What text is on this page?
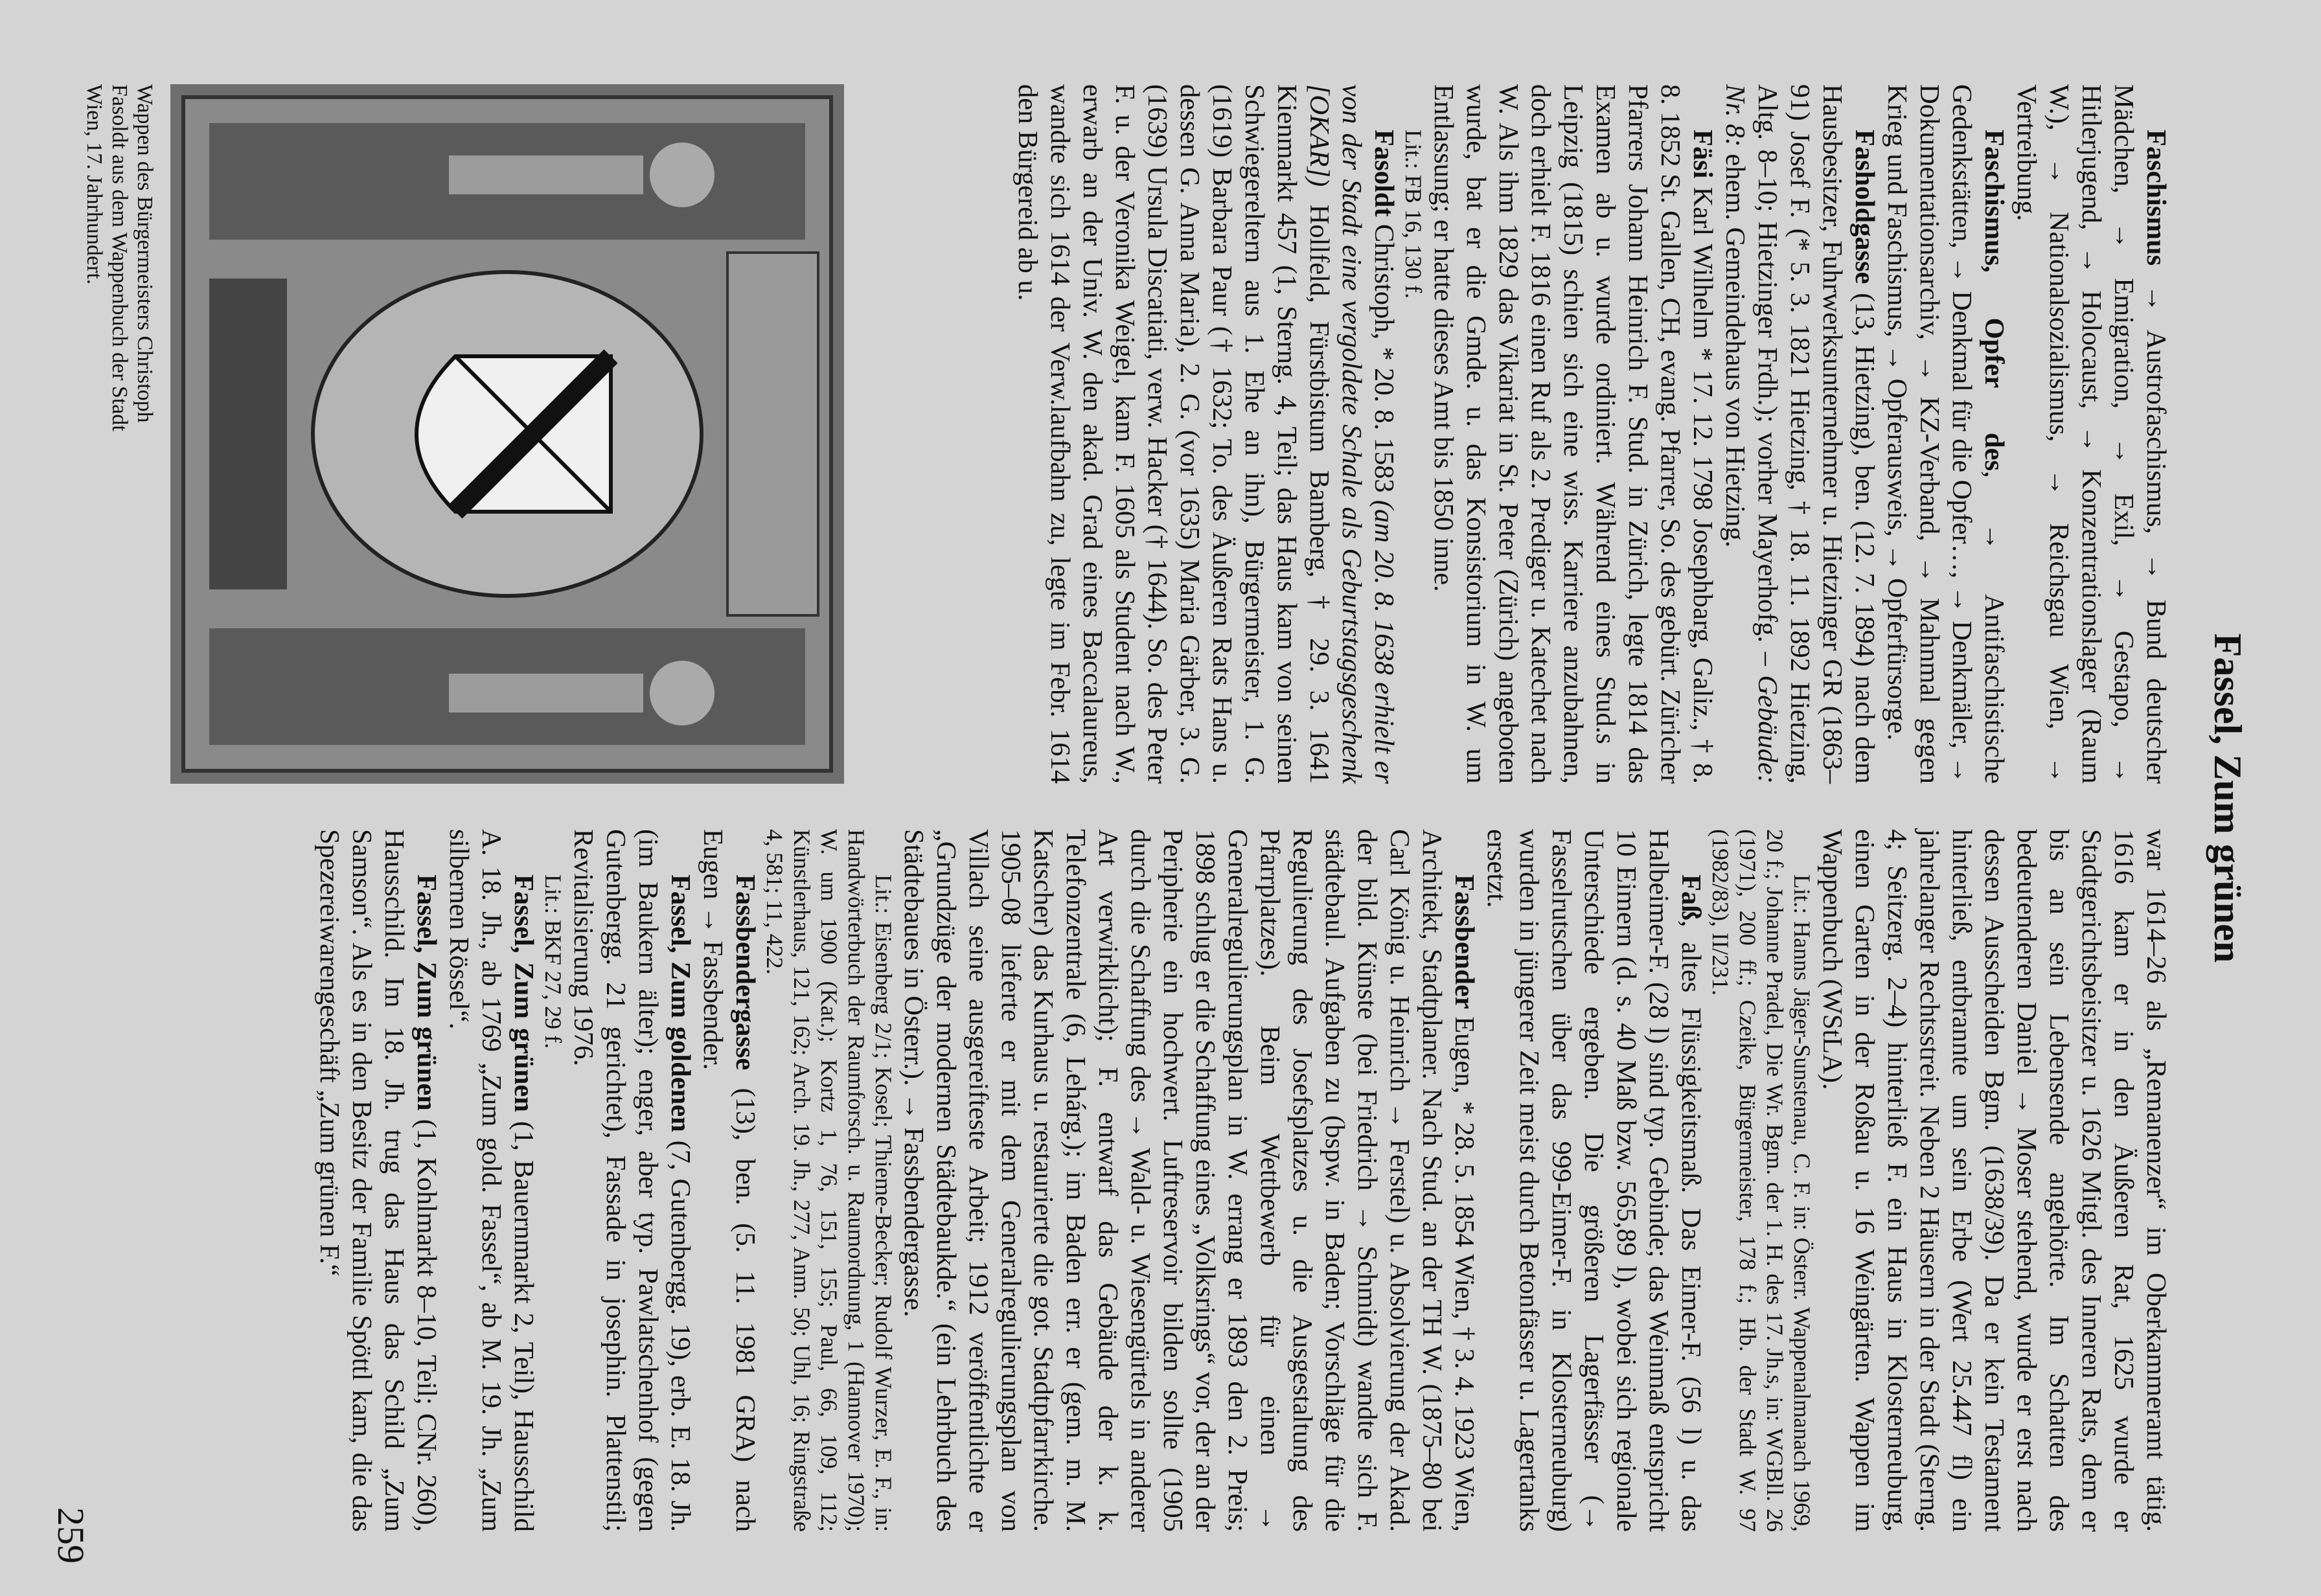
Fassel, Zum grünen

Faschismus → Austrofaschismus, → Bund deutscher Mädchen, → Emigration, → Exil, → Gestapo, → Hitlerjugend, → Holocaust, → Konzentrationslager (Raum W.), → Nationalsozialismus, → Reichsgau Wien, → Vertreibung.

Faschismus, Opfer des, → Antifaschistische Gedenkstätten, → Denkmal für die Opfer…, → Denkmäler, → Dokumentationsarchiv, → KZ-Verband, → Mahnmal gegen Krieg und Faschismus, → Opferausweis, → Opferfürsorge.

Fasholdgasse (13, Hietzing), ben. (12. 7. 1894) nach dem Hausbesitzer, Fuhrwerksunternehmer u. Hietzinger GR (1863–91) Josef F. (* 5. 3. 1821 Hietzing, † 18. 11. 1892 Hietzing, Altg. 8–10; Hietzinger Frdh.); vorher Mayerhofg. – Gebäude: Nr. 8: ehem. Gemeindehaus von Hietzing.

Fäsi Karl Wilhelm * 17. 12. 1798 Josephbarg, Galiz., † 8. 8. 1852 St. Gallen, CH, evang. Pfarrer, So. des gebürt. Züricher Pfarrers Johann Heinrich F. Stud. in Zürich, legte 1814 das Examen ab u. wurde ordiniert. Während eines Stud.s in Leipzig (1815) schien sich eine wiss. Karriere anzubahnen, doch erhielt F. 1816 einen Ruf als 2. Prediger u. Katechet nach W. Als ihm 1829 das Vikariat in St. Peter (Zürich) angeboten wurde, bat er die Gmde. u. das Konsistorium in W. um Entlassung; er hatte dieses Amt bis 1850 inne.

Lit.: FB 16, 130 f.

Fasoldt Christoph, * 20. 8. 1583 (am 20. 8. 1638 erhielt er von der Stadt eine vergoldete Schale als Geburtstagsgeschenk [OKAR]) Hollfeld, Fürstbistum Bamberg, † 29. 3. 1641 Kienmarkt 457 (1, Sterng. 4, Teil; das Haus kam von seinen Schwiegereltern aus 1. Ehe an ihn), Bürgermeister, 1. G. (1619) Barbara Paur († 1632; To. des Äußeren Rats Hans u. dessen G. Anna Maria), 2. G. (vor 1635) Maria Gärber, 3. G. (1639) Ursula Discatiati, verw. Hacker († 1644). So. des Peter F. u. der Veronika Weigel, kam F. 1605 als Student nach W., erwarb an der Univ. W. den akad. Grad eines Baccalaureus, wandte sich 1614 der Verw.laufbahn zu, legte im Febr. 1614 den Bürgereid ab u.

war 1614–26 als „Remanenzer“ im Oberkammeramt tätig. 1616 kam er in den Äußeren Rat, 1625 wurde er Stadtgerichtsbeisitzer u. 1626 Mitgl. des Inneren Rats, dem er bis an sein Lebensende angehörte. Im Schatten des bedeutenderen Daniel → Moser stehend, wurde er erst nach dessen Ausscheiden Bgm. (1638/39). Da er kein Testament hinterließ, entbrannte um sein Erbe (Wert 25.447 fl) ein jahrelanger Rechtsstreit. Neben 2 Häusern in der Stadt (Sterng. 4; Seitzerg. 2–4) hinterließ F. ein Haus in Klosterneuburg, einen Garten in der Roßau u. 16 Weingärten. Wappen im Wappenbuch (WStLA).

Lit.: Hanns Jäger-Sunstenau, C. F. in: Österr. Wappenalmanach 1969, 20 f.; Johanne Pradel, Die Wr. Bgm. der 1. H. des 17. Jh.s, in: WGBll. 26 (1971), 200 ff.; Czeike, Bürgermeister, 178 f.; Hb. der Stadt W. 97 (1982/83), II/231.

Faß, altes Flüssigkeitsmaß. Das Eimer-F. (56 l) u. das Halbeimer-F. (28 l) sind typ. Gebinde; das Weinmaß entspricht 10 Eimern (d. s. 40 Maß bzw. 565,89 l), wobei sich regionale Unterschiede ergeben. Die größeren Lagerfässer (→ Fasselrutschen über das 999-Eimer-F. in Klosterneuburg) wurden in jüngerer Zeit meist durch Betonfässer u. Lagertanks ersetzt.

Fassbender Eugen, * 28. 5. 1854 Wien, † 3. 4. 1923 Wien, Architekt, Stadtplaner. Nach Stud. an der TH W. (1875–80 bei Carl König u. Heinrich → Ferstel) u. Absolvierung der Akad. der bild. Künste (bei Friedrich → Schmidt) wandte sich F. städtebaul. Aufgaben zu (bspw. in Baden; Vorschläge für die Regulierung des Josefsplatzes u. die Ausgestaltung des Pfarrplatzes). Beim Wettbewerb für einen → Generalregulierungsplan in W. errang er 1893 den 2. Preis; 1898 schlug er die Schaffung eines „Volksrings“ vor, der an der Peripherie ein hochwert. Luftreservoir bilden sollte (1905 durch die Schaffung des → Wald- u. Wiesengürtels in anderer Art verwirklicht); F. entwarf das Gebäude der k. k. Telefonzentrale (6, Lehárg.); im Baden err. er (gem. m. M. Katscher) das Kurhaus u. restaurierte die got. Stadtpfarrkirche. 1905–08 lieferte er mit dem Generalregulierungsplan von Villach seine ausgereifteste Arbeit; 1912 veröffentlichte er „Grundzüge der modernen Städtebaukde.“ (ein Lehrbuch des Städtebaues in Österr.). → Fassbendergasse.

Lit.: Eisenberg 2/1; Kosel; Thieme-Becker; Rudolf Wurzer, E. F., in: Handwörterbuch der Raumforsch. u. Raumordnung, 1 (Hannover 1970); W. um 1900 (Kat.); Kortz 1, 76, 151, 155; Paul, 66, 109, 112; Künstlerhaus, 121, 162; Arch. 19. Jh., 277, Anm. 50; Uhl, 16; Ringstraße 4, 581; 11, 422.

Fassbendergasse (13), ben. (5. 11. 1981 GRA) nach Eugen → Fassbender.

Fassel, Zum goldenen (7, Gutenbergg. 19), erb. E. 18. Jh. (im Baukern älter); enger, aber typ. Pawlatschenhof (gegen Gutenbergg. 21 gerichtet), Fassade in josephin. Plattenstil; Revitalisierung 1976.

Lit.: BKF 27, 29 f.

Fassel, Zum grünen (1, Bauernmarkt 2, Teil), Hausschild A. 18. Jh., ab 1769 „Zum gold. Fassel“, ab M. 19. Jh. „Zum silbernen Rössel“.

Fassel, Zum grünen (1, Kohlmarkt 8–10, Teil; CNr. 260), Hausschild. Im 18. Jh. trug das Haus das Schild „Zum Samson“. Als es in den Besitz der Familie Spöttl kam, die das Spezereiwarengeschäft „Zum grünen F.“

Wappen des Bürgermeisters Christoph Fasoldt aus dem Wappenbuch der Stadt Wien, 17. Jahrhundert.
259
